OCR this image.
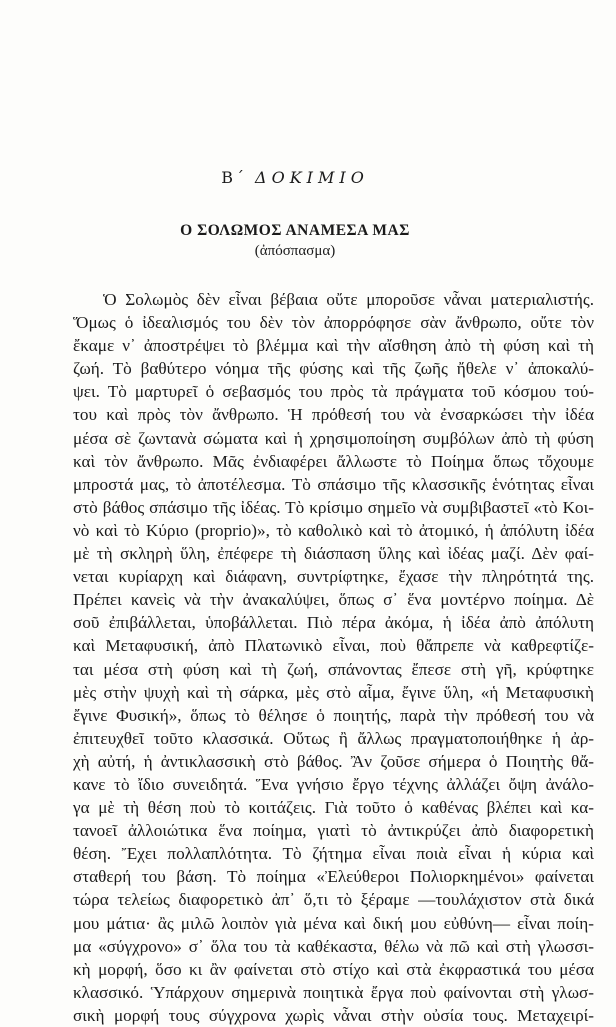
Β΄ ΔΟΚΙΜΙΟ
Ο ΣΟΛΩΜΟΣ ΑΝΑΜΕΣΑ ΜΑΣ
(ἀπόσπασμα)
Ὁ Σολωμὸς δὲν εἶναι βέβαια οὔτε μποροῦσε νἆναι ματεριαλιστής.
Ὅμως ὁ ἰδεαλισμός του δὲν τὸν ἀπορρόφησε σὰν ἄνθρωπο, οὔτε τὸν
ἔκαμε ν᾽ ἀποστρέψει τὸ βλέμμα καὶ τὴν αἴσθηση ἀπὸ τὴ φύση καὶ τὴ
ζωή. Τὸ βαθύτερο νόημα τῆς φύσης καὶ τῆς ζωῆς ἤθελε ν᾽ ἀποκαλύ-
ψει. Τὸ μαρτυρεῖ ὁ σεβασμός του πρὸς τὰ πράγματα τοῦ κόσμου τού-
του καὶ πρὸς τὸν ἄνθρωπο. Ἡ πρόθεσή του νὰ ἐνσαρκώσει τὴν ἰδέα
μέσα σὲ ζωντανὰ σώματα καὶ ἡ χρησιμοποίηση συμβόλων ἀπὸ τὴ φύση
καὶ τὸν ἄνθρωπο. Μᾶς ἐνδιαφέρει ἄλλωστε τὸ Ποίημα ὅπως τὄχουμε
μπροστά μας, τὸ ἀποτέλεσμα. Τὸ σπάσιμο τῆς κλασσικῆς ἑνότητας εἶναι
στὸ βάθος σπάσιμο τῆς ἰδέας. Τὸ κρίσιμο σημεῖο νὰ συμβιβαστεῖ «τὸ Κοι-
νὸ καὶ τὸ Κύριο (proprio)», τὸ καθολικὸ καὶ τὸ ἀτομικό, ἡ ἀπόλυτη ἰδέα
μὲ τὴ σκληρὴ ὕλη, ἐπέφερε τὴ διάσπαση ὕλης καὶ ἰδέας μαζί. Δὲν φαί-
νεται κυρίαρχη καὶ διάφανη, συντρίφτηκε, ἔχασε τὴν πληρότητά της.
Πρέπει κανεὶς νὰ τὴν ἀνακαλύψει, ὅπως σ᾽ ἕνα μοντέρνο ποίημα. Δὲ
σοῦ ἐπιβάλλεται, ὑποβάλλεται. Πιὸ πέρα ἀκόμα, ἡ ἰδέα ἀπὸ ἀπόλυτη
καὶ Μεταφυσική, ἀπὸ Πλατωνικὸ εἶναι, ποὺ θἄπρεπε νὰ καθρεφτίζε-
ται μέσα στὴ φύση καὶ τὴ ζωή, σπάνοντας ἔπεσε στὴ γῆ, κρύφτηκε
μὲς στὴν ψυχὴ καὶ τὴ σάρκα, μὲς στὸ αἷμα, ἔγινε ὕλη, «ἡ Μεταφυσικὴ
ἔγινε Φυσική», ὅπως τὸ θέλησε ὁ ποιητής, παρὰ τὴν πρόθεσή του νὰ
ἐπιτευχθεῖ τοῦτο κλασσικά. Οὕτως ἢ ἄλλως πραγματοποιήθηκε ἡ ἀρ-
χὴ αὐτή, ἡ ἀντικλασσικὴ στὸ βάθος. Ἂν ζοῦσε σήμερα ὁ Ποιητὴς θἄ-
κανε τὸ ἴδιο συνειδητά. Ἕνα γνήσιο ἔργο τέχνης ἀλλάζει ὄψη ἀνάλο-
γα μὲ τὴ θέση ποὺ τὸ κοιτάζεις. Γιὰ τοῦτο ὁ καθένας βλέπει καὶ κα-
τανοεῖ ἀλλοιώτικα ἕνα ποίημα, γιατὶ τὸ ἀντικρύζει ἀπὸ διαφορετικὴ
θέση. Ἔχει πολλαπλότητα. Τὸ ζήτημα εἶναι ποιὰ εἶναι ἡ κύρια καὶ
σταθερή του βάση. Τὸ ποίημα «Ἐλεύθεροι Πολιορκημένοι» φαίνεται
τώρα τελείως διαφορετικὸ ἀπ᾽ ὅ,τι τὸ ξέραμε —τουλάχιστον στὰ δικά
μου μάτια· ἂς μιλῶ λοιπὸν γιὰ μένα καὶ δική μου εὐθύνη— εἶναι ποίη-
μα «σύγχρονο» σ᾽ ὅλα του τὰ καθέκαστα, θέλω νὰ πῶ καὶ στὴ γλωσσι-
κὴ μορφή, ὅσο κι ἂν φαίνεται στὸ στίχο καὶ στὰ ἐκφραστικά του μέσα
κλασσικό. Ὑπάρχουν σημερινὰ ποιητικὰ ἔργα ποὺ φαίνονται στὴ γλωσ-
σικὴ μορφή τους σύγχρονα χωρὶς νἆναι στὴν οὐσία τους. Μεταχειρί-
